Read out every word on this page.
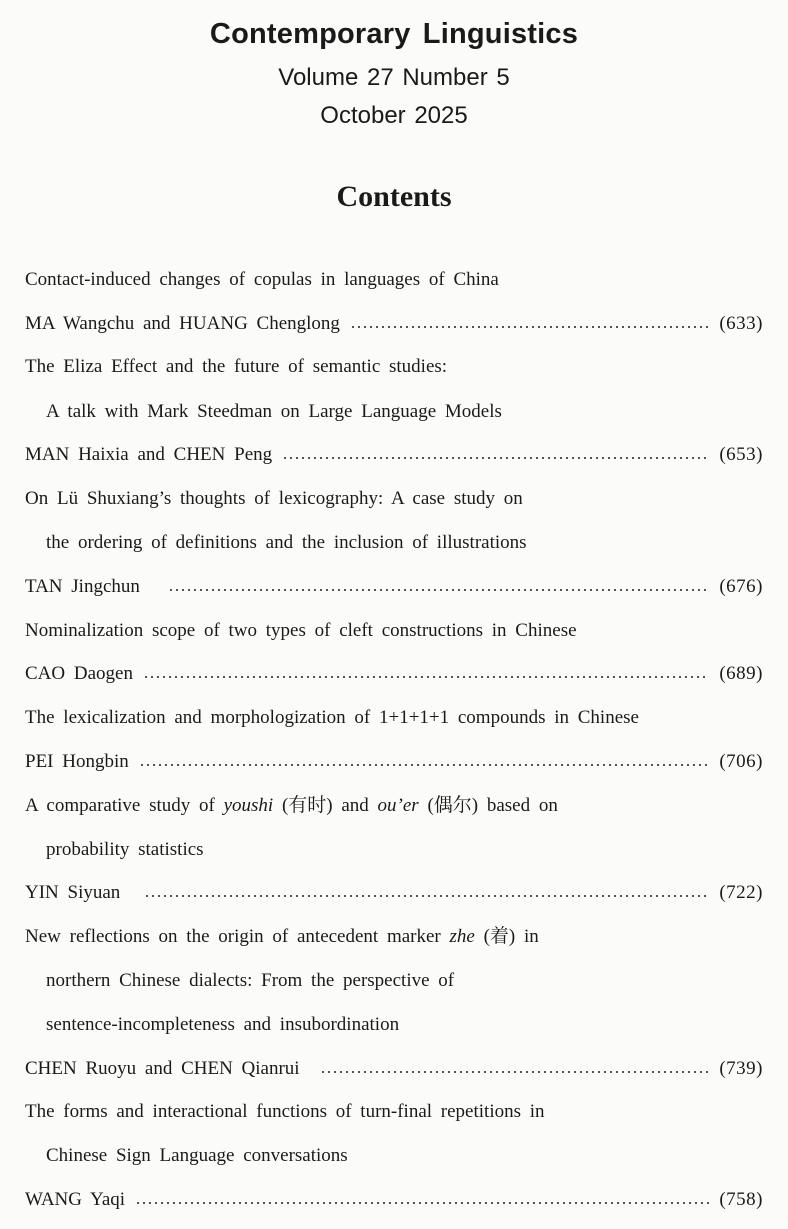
Contemporary Linguistics
Volume 27 Number 5
October 2025
Contents
Contact-induced changes of copulas in languages of China
MA Wangchu and HUANG Chenglong	(633)
The Eliza Effect and the future of semantic studies:
A talk with Mark Steedman on Large Language Models
MAN Haixia and CHEN Peng	(653)
On Lü Shuxiang’s thoughts of lexicography: A case study on
the ordering of definitions and the inclusion of illustrations
TAN Jingchun	(676)
Nominalization scope of two types of cleft constructions in Chinese
CAO Daogen	(689)
The lexicalization and morphologization of 1+1+1+1 compounds in Chinese
PEI Hongbin	(706)
A comparative study of youshi (有时) and ou’er (偶尔) based on
probability statistics
YIN Siyuan	(722)
New reflections on the origin of antecedent marker zhe (着) in
northern Chinese dialects: From the perspective of
sentence-incompleteness and insubordination
CHEN Ruoyu and CHEN Qianrui	(739)
The forms and interactional functions of turn-final repetitions in
Chinese Sign Language conversations
WANG Yaqi	(758)
